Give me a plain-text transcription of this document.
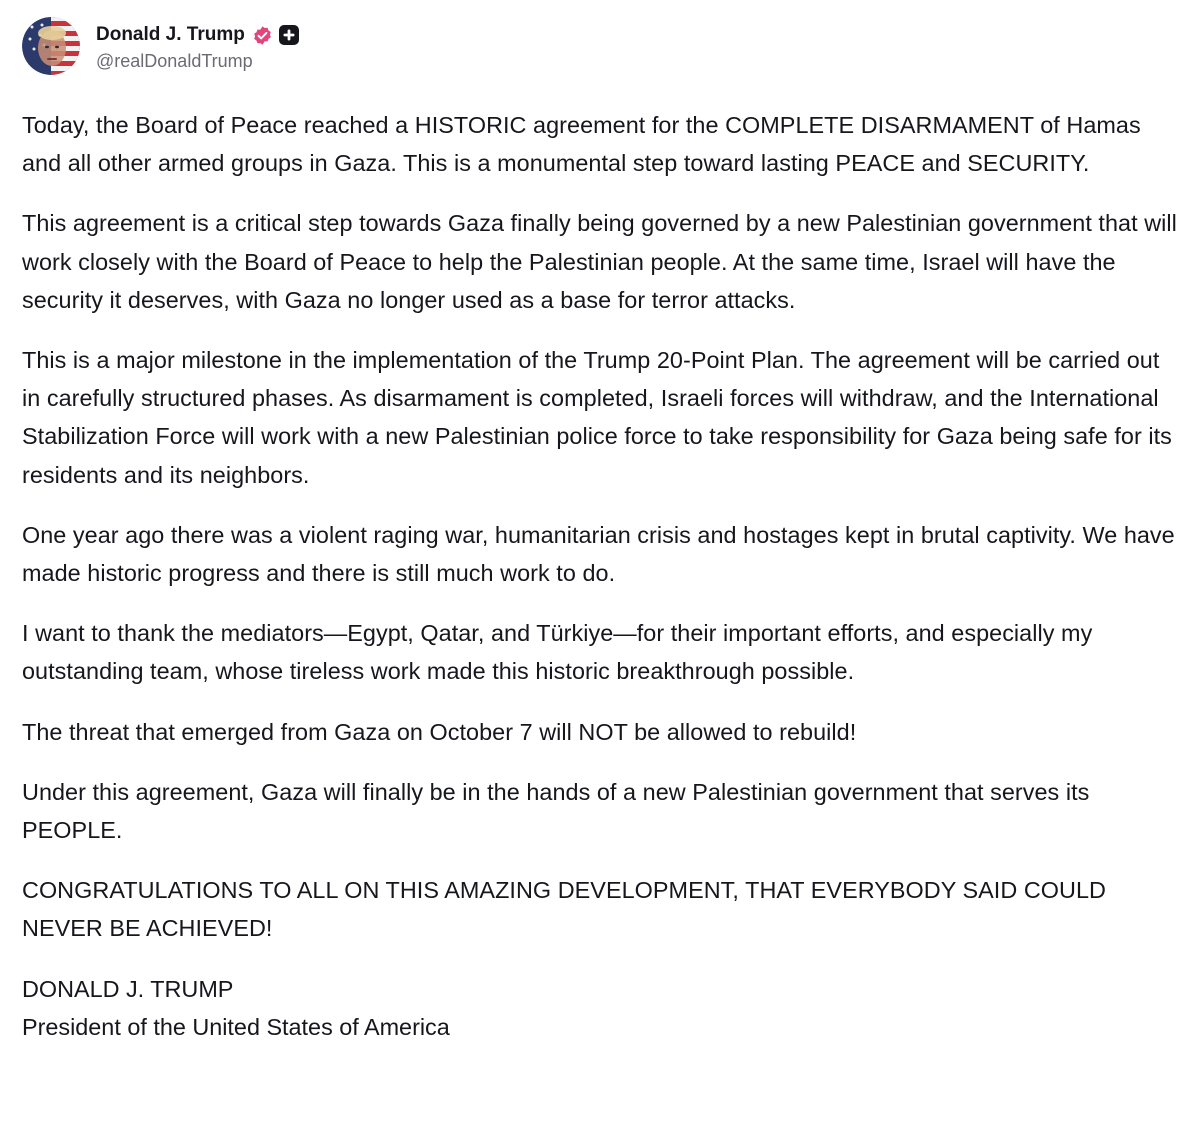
Donald J. Trump
@realDonaldTrump

Today, the Board of Peace reached a HISTORIC agreement for the COMPLETE DISARMAMENT of Hamas and all other armed groups in Gaza. This is a monumental step toward lasting PEACE and SECURITY.

This agreement is a critical step towards Gaza finally being governed by a new Palestinian government that will work closely with the Board of Peace to help the Palestinian people. At the same time, Israel will have the security it deserves, with Gaza no longer used as a base for terror attacks.

This is a major milestone in the implementation of the Trump 20-Point Plan. The agreement will be carried out in carefully structured phases. As disarmament is completed, Israeli forces will withdraw, and the International Stabilization Force will work with a new Palestinian police force to take responsibility for Gaza being safe for its residents and its neighbors.

One year ago there was a violent raging war, humanitarian crisis and hostages kept in brutal captivity. We have made historic progress and there is still much work to do.

I want to thank the mediators—Egypt, Qatar, and Türkiye—for their important efforts, and especially my outstanding team, whose tireless work made this historic breakthrough possible.

The threat that emerged from Gaza on October 7 will NOT be allowed to rebuild!

Under this agreement, Gaza will finally be in the hands of a new Palestinian government that serves its PEOPLE.

CONGRATULATIONS TO ALL ON THIS AMAZING DEVELOPMENT, THAT EVERYBODY SAID COULD NEVER BE ACHIEVED!

DONALD J. TRUMP
President of the United States of America
